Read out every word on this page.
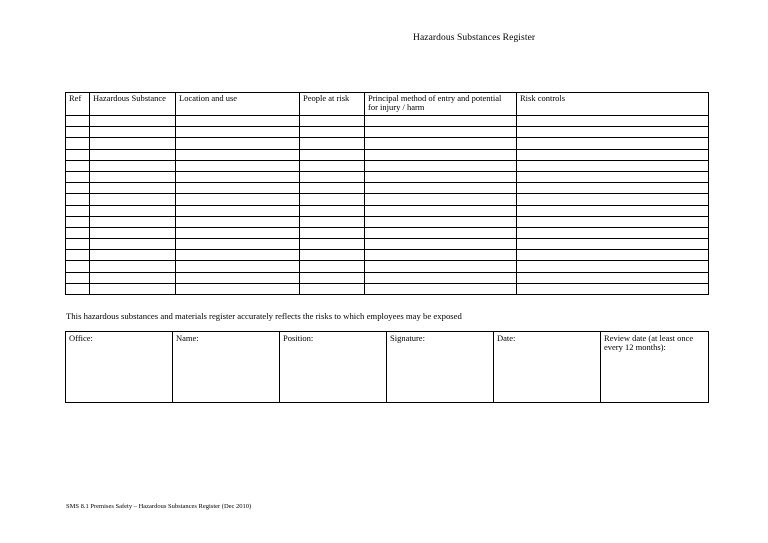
Hazardous Substances Register
Ref	Hazardous Substance	Location and use	People at risk	Principal method of entry and potential for injury / harm	Risk controls

This hazardous substances and materials register accurately reflects the risks to which employees may be exposed
Office:	Name:	Position:	Signature:	Date:	Review date (at least once every 12 months):
SMS 8.1 Premises Safety – Hazardous Substances Register (Dec 2010)
